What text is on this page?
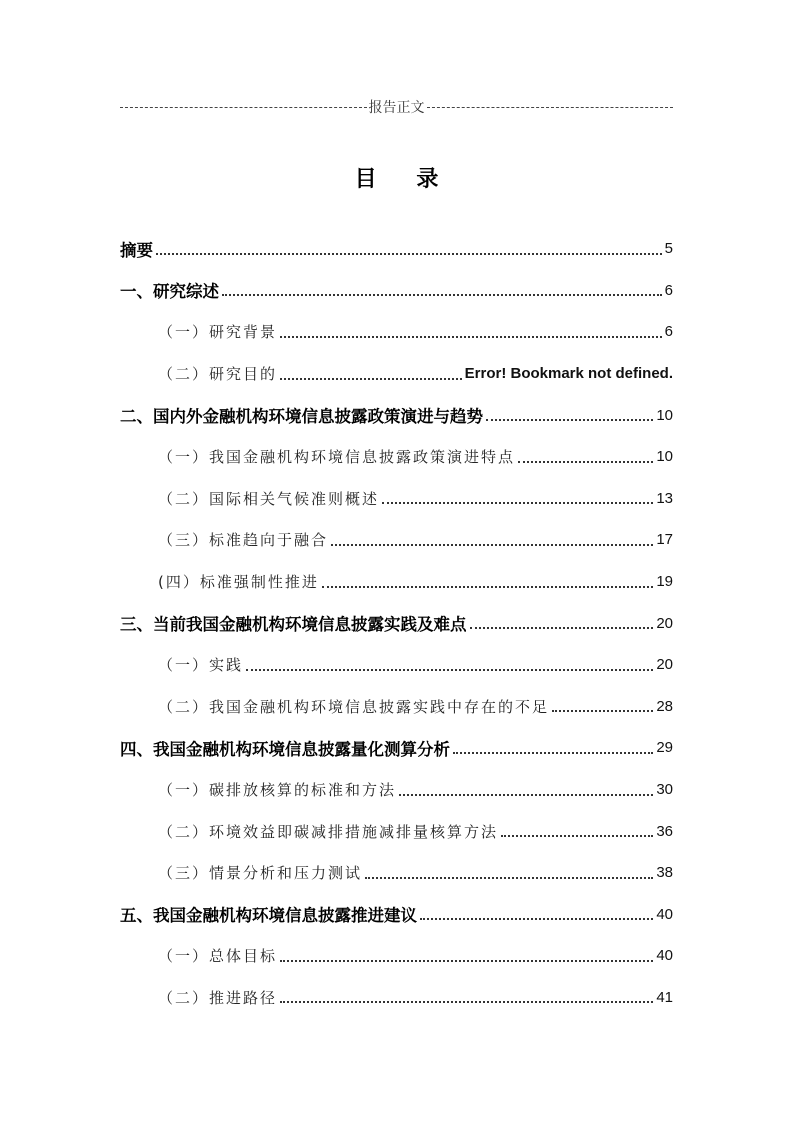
报告正文
目 录
摘要	5
一、研究综述	6
（一）研究背景	6
（二）研究目的	Error! Bookmark not defined.
二、国内外金融机构环境信息披露政策演进与趋势	10
（一）我国金融机构环境信息披露政策演进特点	10
（二）国际相关气候准则概述	13
（三）标准趋向于融合	17
(四）标准强制性推进	19
三、当前我国金融机构环境信息披露实践及难点	20
（一）实践	20
（二）我国金融机构环境信息披露实践中存在的不足	28
四、我国金融机构环境信息披露量化测算分析	29
（一）碳排放核算的标准和方法	30
（二）环境效益即碳减排措施减排量核算方法	36
（三）情景分析和压力测试	38
五、我国金融机构环境信息披露推进建议	40
（一）总体目标	40
（二）推进路径	41
